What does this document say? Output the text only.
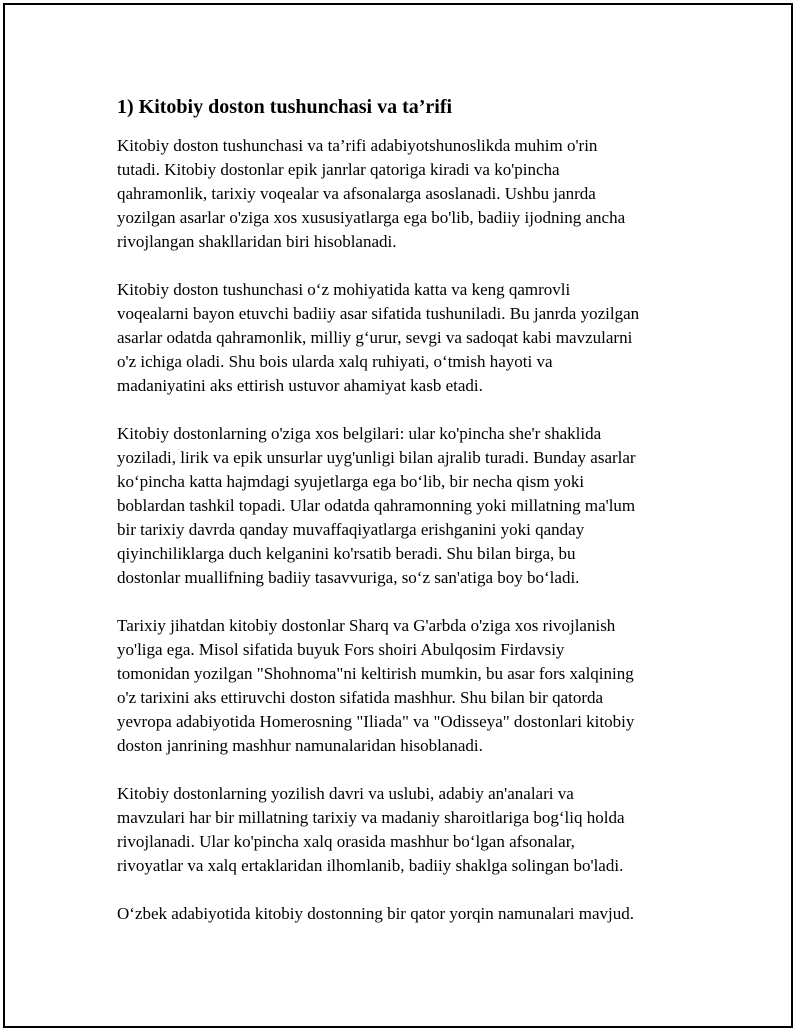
1) Kitobiy doston tushunchasi va ta’rifi

Kitobiy doston tushunchasi va ta’rifi adabiyotshunoslikda muhim o'rin
tutadi. Kitobiy dostonlar epik janrlar qatoriga kiradi va ko'pincha
qahramonlik, tarixiy voqealar va afsonalarga asoslanadi. Ushbu janrda
yozilgan asarlar o'ziga xos xususiyatlarga ega bo'lib, badiiy ijodning ancha
rivojlangan shakllaridan biri hisoblanadi.

Kitobiy doston tushunchasi o‘z mohiyatida katta va keng qamrovli
voqealarni bayon etuvchi badiiy asar sifatida tushuniladi. Bu janrda yozilgan
asarlar odatda qahramonlik, milliy g‘urur, sevgi va sadoqat kabi mavzularni
o'z ichiga oladi. Shu bois ularda xalq ruhiyati, o‘tmish hayoti va
madaniyatini aks ettirish ustuvor ahamiyat kasb etadi.

Kitobiy dostonlarning o'ziga xos belgilari: ular ko'pincha she'r shaklida
yoziladi, lirik va epik unsurlar uyg'unligi bilan ajralib turadi. Bunday asarlar
ko‘pincha katta hajmdagi syujetlarga ega bo‘lib, bir necha qism yoki
boblardan tashkil topadi. Ular odatda qahramonning yoki millatning ma'lum
bir tarixiy davrda qanday muvaffaqiyatlarga erishganini yoki qanday
qiyinchiliklarga duch kelganini ko'rsatib beradi. Shu bilan birga, bu
dostonlar muallifning badiiy tasavvuriga, so‘z san'atiga boy bo‘ladi.

Tarixiy jihatdan kitobiy dostonlar Sharq va G'arbda o'ziga xos rivojlanish
yo'liga ega. Misol sifatida buyuk Fors shoiri Abulqosim Firdavsiy
tomonidan yozilgan "Shohnoma"ni keltirish mumkin, bu asar fors xalqining
o'z tarixini aks ettiruvchi doston sifatida mashhur. Shu bilan bir qatorda
yevropa adabiyotida Homerosning "Iliada" va "Odisseya" dostonlari kitobiy
doston janrining mashhur namunalaridan hisoblanadi.

Kitobiy dostonlarning yozilish davri va uslubi, adabiy an'analari va
mavzulari har bir millatning tarixiy va madaniy sharoitlariga bog‘liq holda
rivojlanadi. Ular ko'pincha xalq orasida mashhur bo‘lgan afsonalar,
rivoyatlar va xalq ertaklaridan ilhomlanib, badiiy shaklga solingan bo'ladi.

O‘zbek adabiyotida kitobiy dostonning bir qator yorqin namunalari mavjud.
